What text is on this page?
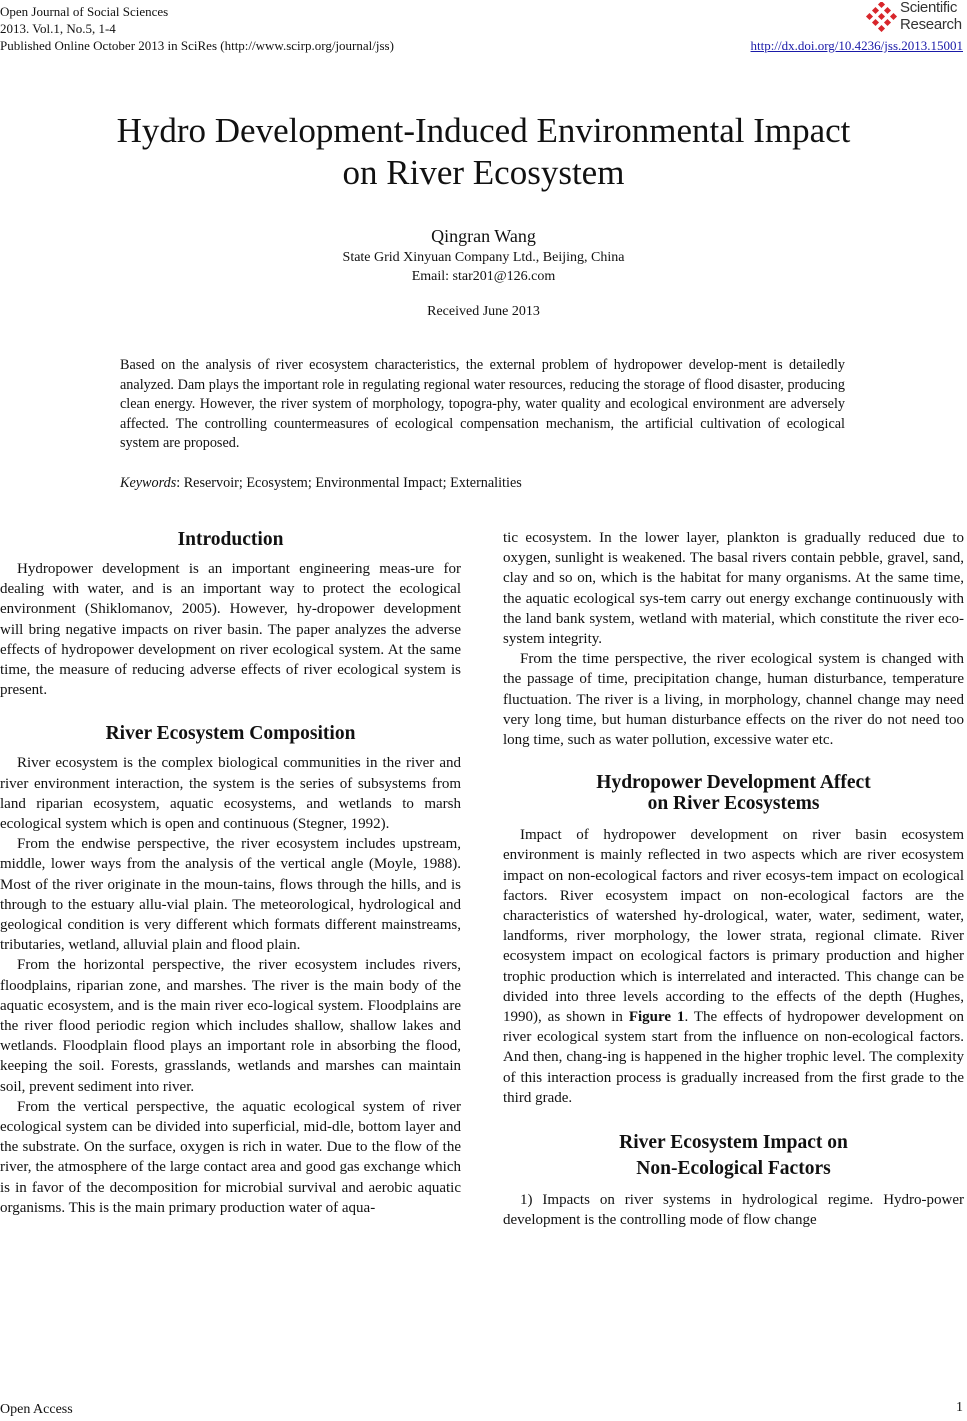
Open Journal of Social Sciences
2013. Vol.1, No.5, 1-4
Published Online October 2013 in SciRes (http://www.scirp.org/journal/jss)
Scientific
Research
http://dx.doi.org/10.4236/jss.2013.15001
Hydro Development-Induced Environmental Impact
on River Ecosystem
Qingran Wang
State Grid Xinyuan Company Ltd., Beijing, China
Email: star201@126.com
Received June 2013
Based on the analysis of river ecosystem characteristics, the external problem of hydropower develop-ment is detailedly analyzed. Dam plays the important role in regulating regional water resources, reducing the storage of flood disaster, producing clean energy. However, the river system of morphology, topogra-phy, water quality and ecological environment are adversely affected. The controlling countermeasures of ecological compensation mechanism, the artificial cultivation of ecological system are proposed.
Keywords: Reservoir; Ecosystem; Environmental Impact; Externalities
Introduction

Hydropower development is an important engineering meas-ure for dealing with water, and is an important way to protect the ecological environment (Shiklomanov, 2005). However, hy-dropower development will bring negative impacts on river basin. The paper analyzes the adverse effects of hydropower development on river ecological system. At the same time, the measure of reducing adverse effects of river ecological system is present.

River Ecosystem Composition

River ecosystem is the complex biological communities in the river and river environment interaction, the system is the series of subsystems from land riparian ecosystem, aquatic ecosystems, and wetlands to marsh ecological system which is open and continuous (Stegner, 1992).

From the endwise perspective, the river ecosystem includes upstream, middle, lower ways from the analysis of the vertical angle (Moyle, 1988). Most of the river originate in the moun-tains, flows through the hills, and is through to the estuary allu-vial plain. The meteorological, hydrological and geological condition is very different which formats different mainstreams, tributaries, wetland, alluvial plain and flood plain.

From the horizontal perspective, the river ecosystem includes rivers, floodplains, riparian zone, and marshes. The river is the main body of the aquatic ecosystem, and is the main river eco-logical system. Floodplains are the river flood periodic region which includes shallow, shallow lakes and wetlands. Floodplain flood plays an important role in absorbing the flood, keeping the soil. Forests, grasslands, wetlands and marshes can maintain soil, prevent sediment into river.

From the vertical perspective, the aquatic ecological system of river ecological system can be divided into superficial, mid-dle, bottom layer and the substrate. On the surface, oxygen is rich in water. Due to the flow of the river, the atmosphere of the large contact area and good gas exchange which is in favor of the decomposition for microbial survival and aerobic aquatic organisms. This is the main primary production water of aqua-

tic ecosystem. In the lower layer, plankton is gradually reduced due to oxygen, sunlight is weakened. The basal rivers contain pebble, gravel, sand, clay and so on, which is the habitat for many organisms. At the same time, the aquatic ecological sys-tem carry out energy exchange continuously with the land bank system, wetland with material, which constitute the river eco-system integrity.

From the time perspective, the river ecological system is changed with the passage of time, precipitation change, human disturbance, temperature fluctuation. The river is a living, in morphology, channel change may need very long time, but human disturbance effects on the river do not need too long time, such as water pollution, excessive water etc.

Hydropower Development Affect
on River Ecosystems

Impact of hydropower development on river basin ecosystem environment is mainly reflected in two aspects which are river ecosystem impact on non-ecological factors and river ecosys-tem impact on ecological factors. River ecosystem impact on non-ecological factors are the characteristics of watershed hy-drological, water, water, sediment, water, landforms, river morphology, the lower strata, regional climate. River ecosystem impact on ecological factors is primary production and higher trophic production which is interrelated and interacted. This change can be divided into three levels according to the effects of the depth (Hughes, 1990), as shown in Figure 1. The effects of hydropower development on river ecological system start from the influence on non-ecological factors. And then, chang-ing is happened in the higher trophic level. The complexity of this interaction process is gradually increased from the first grade to the third grade.

River Ecosystem Impact on
Non-Ecological Factors

1) Impacts on river systems in hydrological regime. Hydro-power development is the controlling mode of flow change

Open Access	1
